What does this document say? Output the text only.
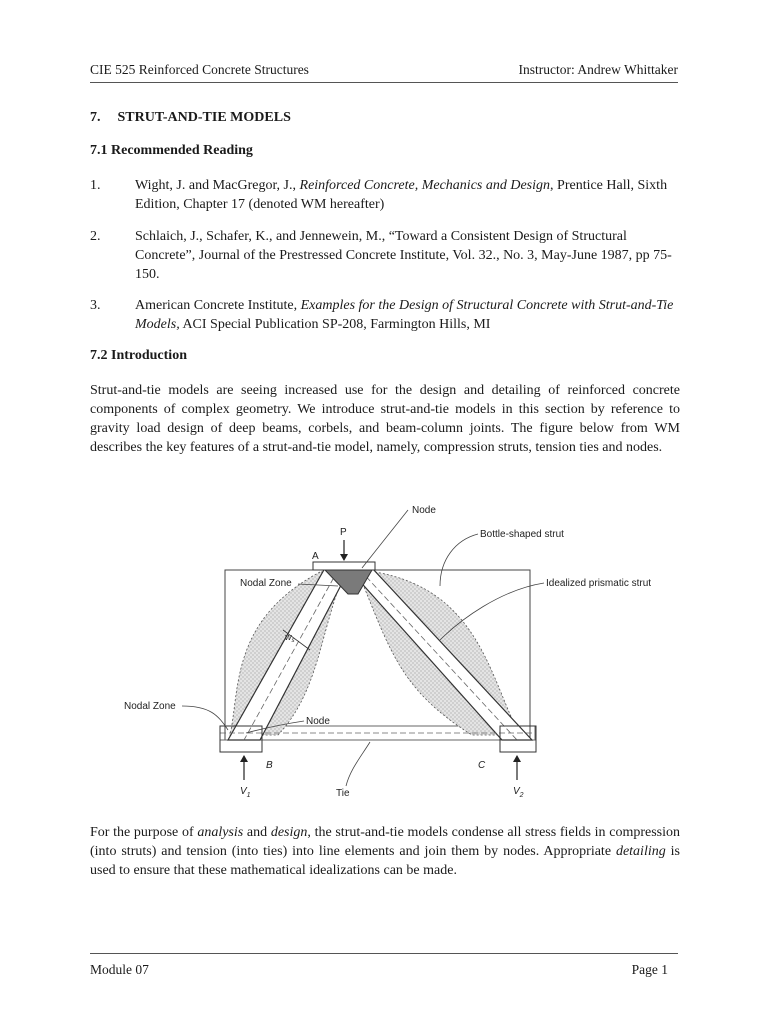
CIE 525 Reinforced Concrete Structures	Instructor: Andrew Whittaker
7. STRUT-AND-TIE MODELS
7.1 Recommended Reading
1. Wight, J. and MacGregor, J., Reinforced Concrete, Mechanics and Design, Prentice Hall, Sixth Edition, Chapter 17 (denoted WM hereafter)
2. Schlaich, J., Schafer, K., and Jennewein, M., “Toward a Consistent Design of Structural Concrete”, Journal of the Prestressed Concrete Institute, Vol. 32., No. 3, May-June 1987, pp 75-150.
3. American Concrete Institute, Examples for the Design of Structural Concrete with Strut-and-Tie Models, ACI Special Publication SP-208, Farmington Hills, MI
7.2 Introduction
Strut-and-tie models are seeing increased use for the design and detailing of reinforced concrete components of complex geometry. We introduce strut-and-tie models in this section by reference to gravity load design of deep beams, corbels, and beam-column joints. The figure below from WM describes the key features of a strut-and-tie model, namely, compression struts, tension ties and nodes.
P
A
$V_1$	$V_2$
B	C
Tie
$w_s$
Node
Bottle-shaped strut
Nodal Zone	Idealized prismatic strut
Nodal Zone
Node
For the purpose of analysis and design, the strut-and-tie models condense all stress fields in compression (into struts) and tension (into ties) into line elements and join them by nodes. Appropriate detailing is used to ensure that these mathematical idealizations can be made.
Module 07	Page 1
